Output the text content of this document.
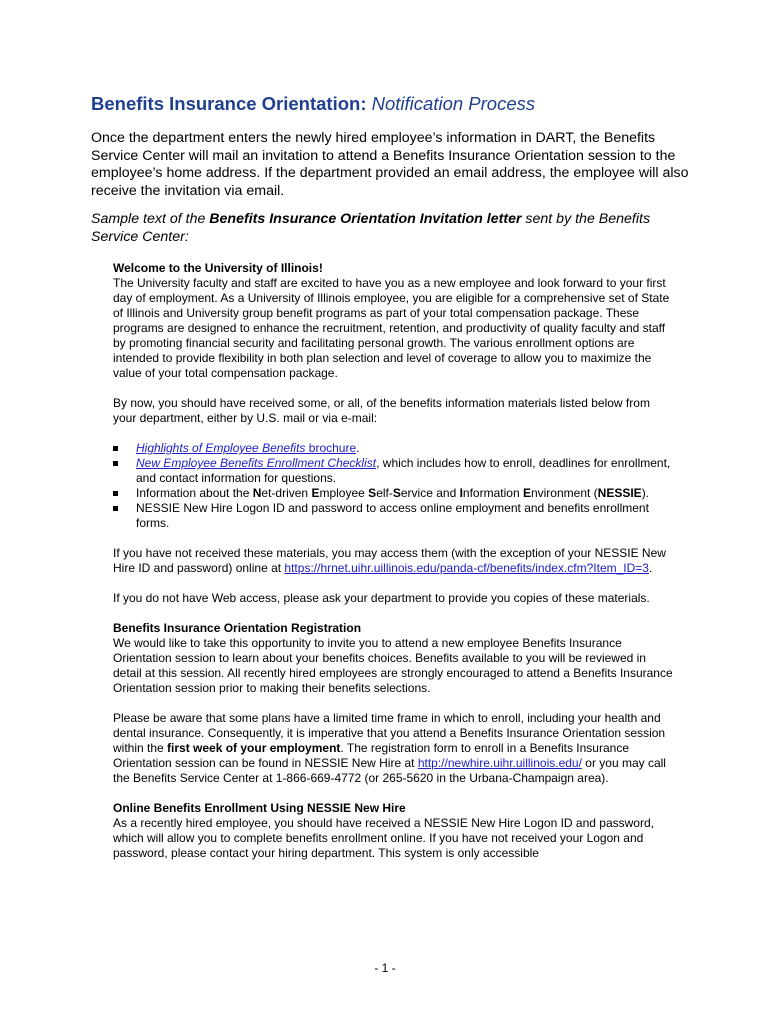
Benefits Insurance Orientation: Notification Process

Once the department enters the newly hired employee’s information in DART, the Benefits Service Center will mail an invitation to attend a Benefits Insurance Orientation session to the employee’s home address. If the department provided an email address, the employee will also receive the invitation via email.

Sample text of the Benefits Insurance Orientation Invitation letter sent by the Benefits Service Center:

Welcome to the University of Illinois!
The University faculty and staff are excited to have you as a new employee and look forward to your first day of employment. As a University of Illinois employee, you are eligible for a comprehensive set of State of Illinois and University group benefit programs as part of your total compensation package. These programs are designed to enhance the recruitment, retention, and productivity of quality faculty and staff by promoting financial security and facilitating personal growth. The various enrollment options are intended to provide flexibility in both plan selection and level of coverage to allow you to maximize the value of your total compensation package.

By now, you should have received some, or all, of the benefits information materials listed below from your department, either by U.S. mail or via e-mail:

Highlights of Employee Benefits brochure.
New Employee Benefits Enrollment Checklist, which includes how to enroll, deadlines for enrollment, and contact information for questions.
Information about the Net-driven Employee Self-Service and Information Environment (NESSIE).
NESSIE New Hire Logon ID and password to access online employment and benefits enrollment forms.

If you have not received these materials, you may access them (with the exception of your NESSIE New Hire ID and password) online at https://hrnet.uihr.uillinois.edu/panda-cf/benefits/index.cfm?Item_ID=3.

If you do not have Web access, please ask your department to provide you copies of these materials.

Benefits Insurance Orientation Registration
We would like to take this opportunity to invite you to attend a new employee Benefits Insurance Orientation session to learn about your benefits choices. Benefits available to you will be reviewed in detail at this session. All recently hired employees are strongly encouraged to attend a Benefits Insurance Orientation session prior to making their benefits selections.

Please be aware that some plans have a limited time frame in which to enroll, including your health and dental insurance. Consequently, it is imperative that you attend a Benefits Insurance Orientation session within the first week of your employment. The registration form to enroll in a Benefits Insurance Orientation session can be found in NESSIE New Hire at http://newhire.uihr.uillinois.edu/ or you may call the Benefits Service Center at 1-866-669-4772 (or 265-5620 in the Urbana-Champaign area).

Online Benefits Enrollment Using NESSIE New Hire
As a recently hired employee, you should have received a NESSIE New Hire Logon ID and password, which will allow you to complete benefits enrollment online. If you have not received your Logon and password, please contact your hiring department. This system is only accessible

- 1 -
